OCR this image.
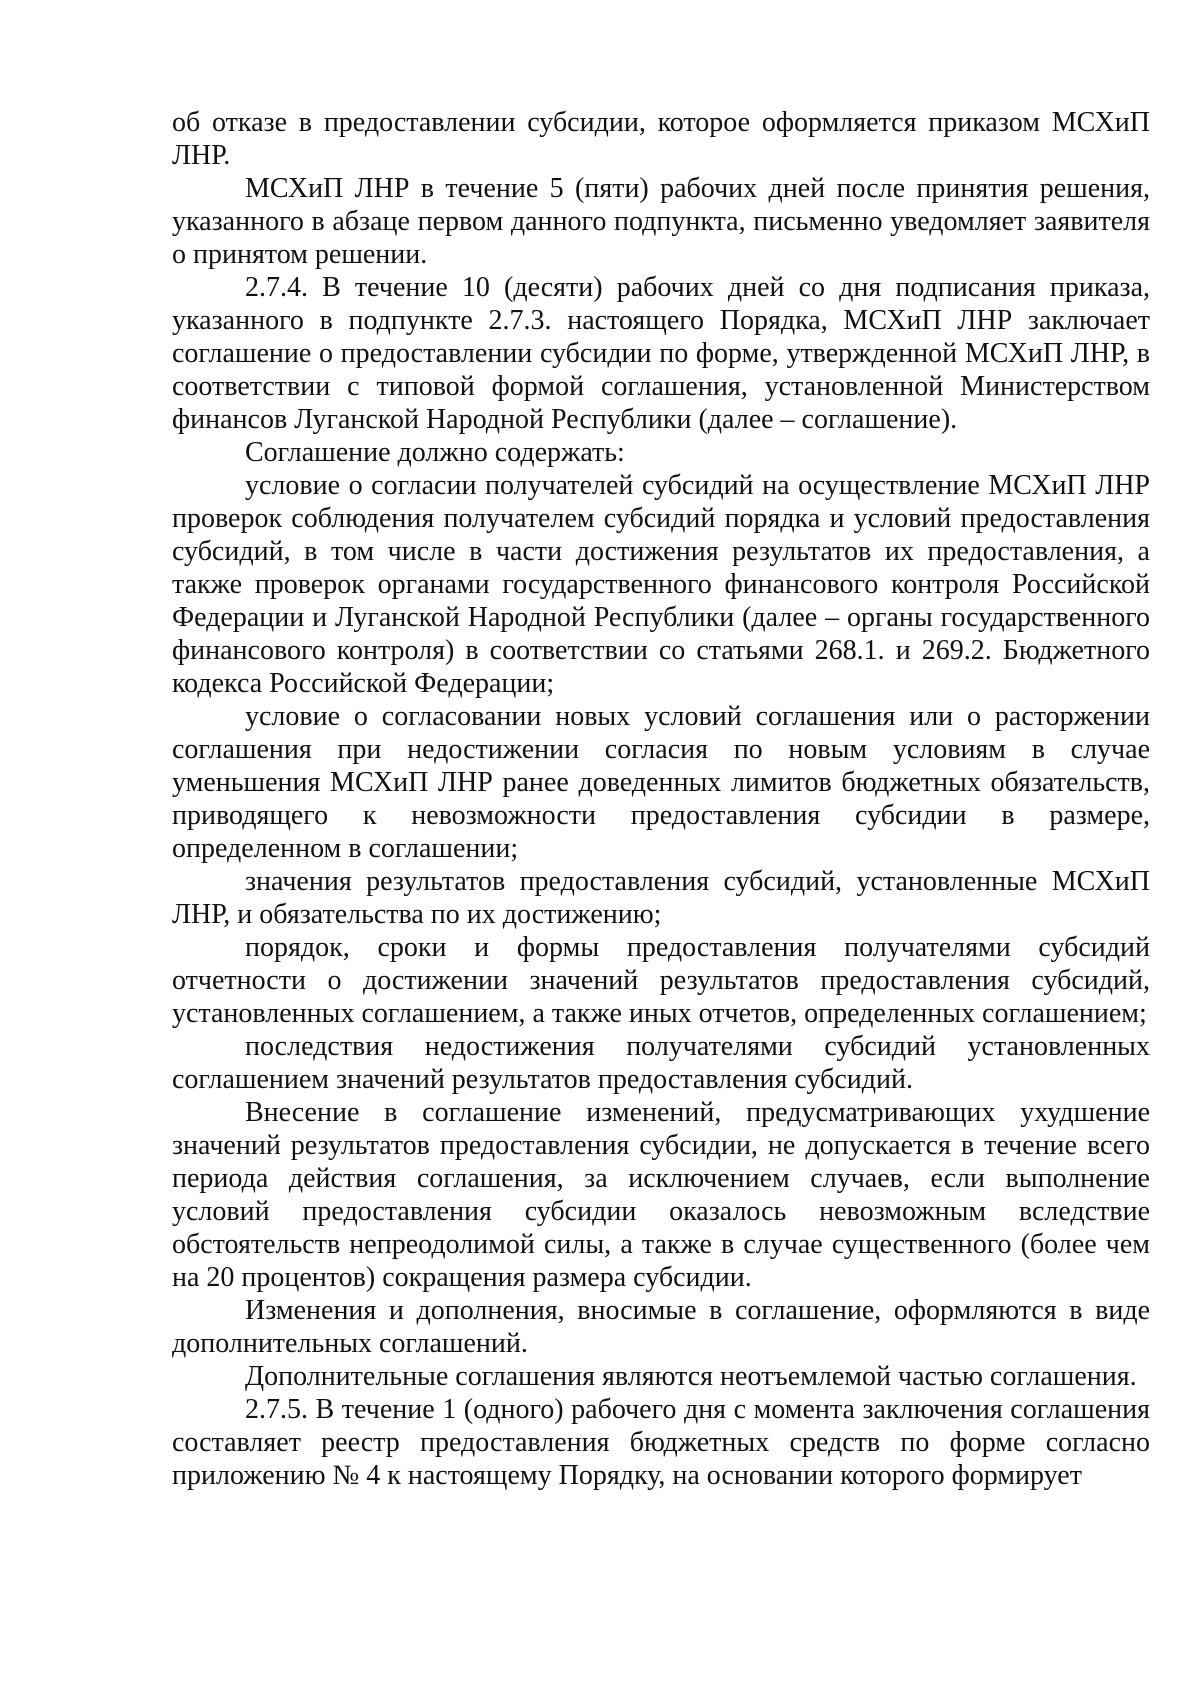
об отказе в предоставлении субсидии, которое оформляется приказом МСХиП ЛНР.

МСХиП ЛНР в течение 5 (пяти) рабочих дней после принятия решения, указанного в абзаце первом данного подпункта, письменно уведомляет заявителя о принятом решении.

2.7.4. В течение 10 (десяти) рабочих дней со дня подписания приказа, указанного в подпункте 2.7.3. настоящего Порядка, МСХиП ЛНР заключает соглашение о предоставлении субсидии по форме, утвержденной МСХиП ЛНР, в соответствии с типовой формой соглашения, установленной Министерством финансов Луганской Народной Республики (далее – соглашение).

Соглашение должно содержать:

условие о согласии получателей субсидий на осуществление МСХиП ЛНР проверок соблюдения получателем субсидий порядка и условий предоставления субсидий, в том числе в части достижения результатов их предоставления, а также проверок органами государственного финансового контроля Российской Федерации и Луганской Народной Республики (далее – органы государственного финансового контроля) в соответствии со статьями 268.1. и 269.2. Бюджетного кодекса Российской Федерации;

условие о согласовании новых условий соглашения или о расторжении соглашения при недостижении согласия по новым условиям в случае уменьшения МСХиП ЛНР ранее доведенных лимитов бюджетных обязательств, приводящего к невозможности предоставления субсидии в размере, определенном в соглашении;

значения результатов предоставления субсидий, установленные МСХиП ЛНР, и обязательства по их достижению;

порядок, сроки и формы предоставления получателями субсидий отчетности о достижении значений результатов предоставления субсидий, установленных соглашением, а также иных отчетов, определенных соглашением;

последствия недостижения получателями субсидий установленных соглашением значений результатов предоставления субсидий.

Внесение в соглашение изменений, предусматривающих ухудшение значений результатов предоставления субсидии, не допускается в течение всего периода действия соглашения, за исключением случаев, если выполнение условий предоставления субсидии оказалось невозможным вследствие обстоятельств непреодолимой силы, а также в случае существенного (более чем на 20 процентов) сокращения размера субсидии.

Изменения и дополнения, вносимые в соглашение, оформляются в виде дополнительных соглашений.

Дополнительные соглашения являются неотъемлемой частью соглашения.

2.7.5. В течение 1 (одного) рабочего дня с момента заключения соглашения составляет реестр предоставления бюджетных средств по форме согласно приложению № 4 к настоящему Порядку, на основании которого формирует
